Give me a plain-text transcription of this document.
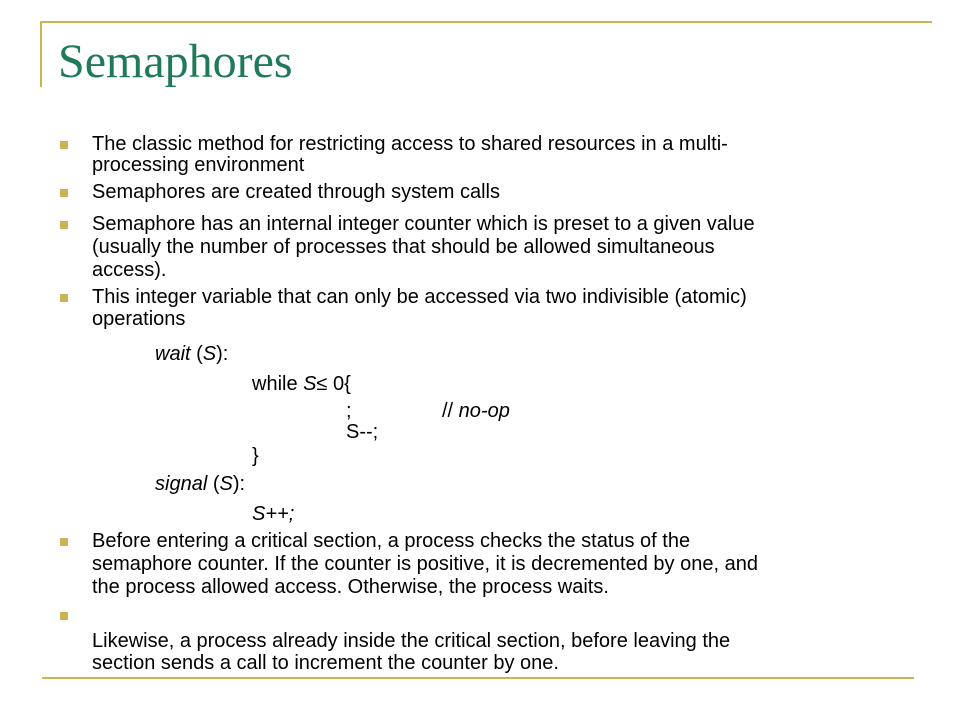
Semaphores
The classic method for restricting access to shared resources in a multi-
processing environment
Semaphores are created through system calls
Semaphore has an internal integer counter which is preset to a given value
(usually the number of processes that should be allowed simultaneous
access).
This integer variable that can only be accessed via two indivisible (atomic)
operations
wait (S):
while S≤ 0{
;	// no-op
S--;
}
signal (S):
S++;
Before entering a critical section, a process checks the status of the
semaphore counter. If the counter is positive, it is decremented by one, and
the process allowed access. Otherwise, the process waits.
Likewise, a process already inside the critical section, before leaving the
section sends a call to increment the counter by one.
